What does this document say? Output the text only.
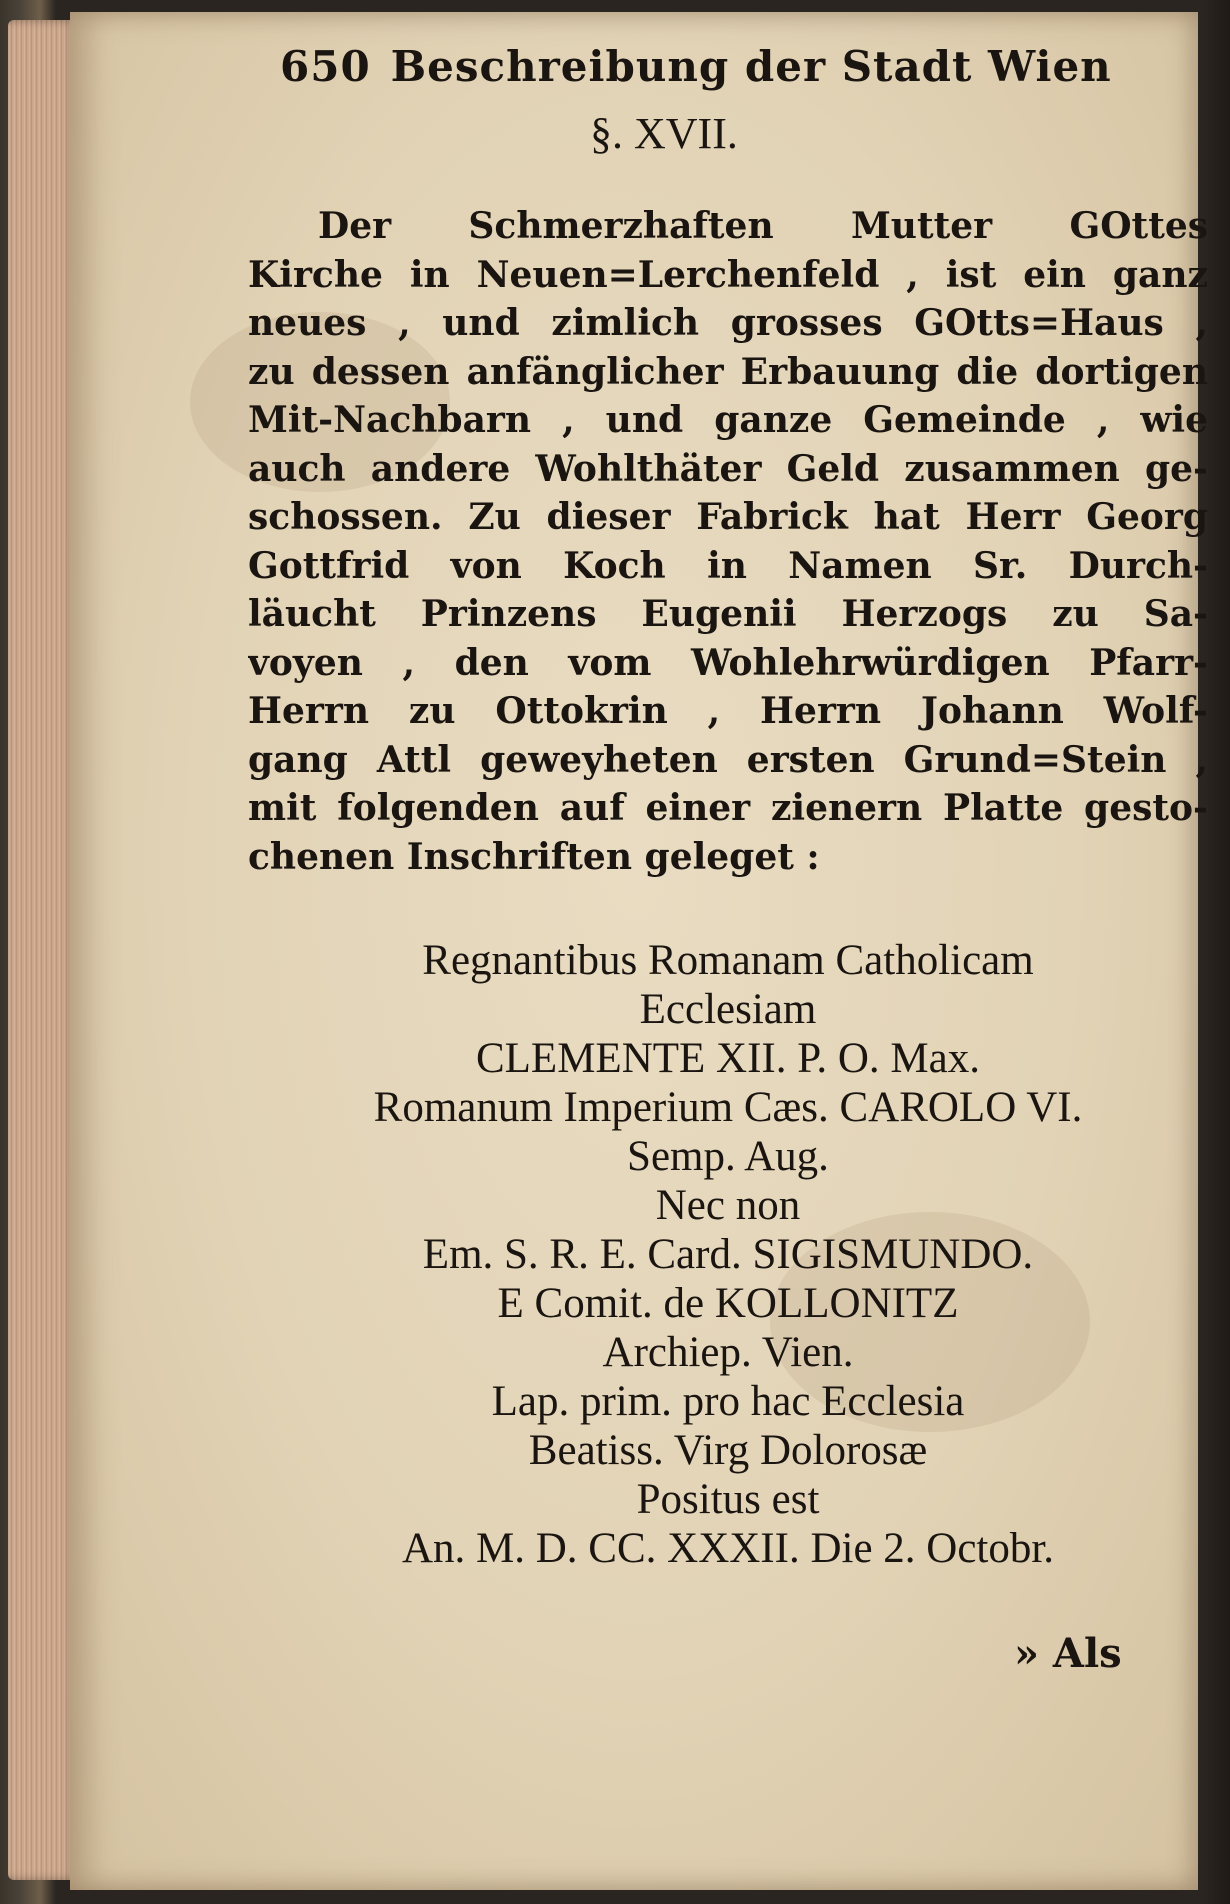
650 Beschreibung der Stadt Wien
§. XVII.
Der Schmerzhaften Mutter GOttes
Kirche in Neuen=Lerchenfeld , ist ein ganz
neues , und zimlich grosses GOtts=Haus ,
zu dessen anfänglicher Erbauung die dortigen
Mit-Nachbarn , und ganze Gemeinde , wie
auch andere Wohlthäter Geld zusammen ge-
schossen. Zu dieser Fabrick hat Herr Georg
Gottfrid von Koch in Namen Sr. Durch-
läucht Prinzens Eugenii Herzogs zu Sa-
voyen , den vom Wohlehrwürdigen Pfarr-
Herrn zu Ottokrin , Herrn Johann Wolf-
gang Attl geweyheten ersten Grund=Stein ,
mit folgenden auf einer zienern Platte gesto-
chenen Inschriften geleget :
Regnantibus Romanam Catholicam
Ecclesiam
CLEMENTE XII. P. O. Max.
Romanum Imperium Cæs. CAROLO VI.
Semp. Aug.
Nec non
Em. S. R. E. Card. SIGISMUNDO.
E Comit. de KOLLONITZ
Archiep. Vien.
Lap. prim. pro hac Ecclesia
Beatiss. Virg Dolorosæ
Positus est
An. M. D. CC. XXXII. Die 2. Octobr.
» Als
